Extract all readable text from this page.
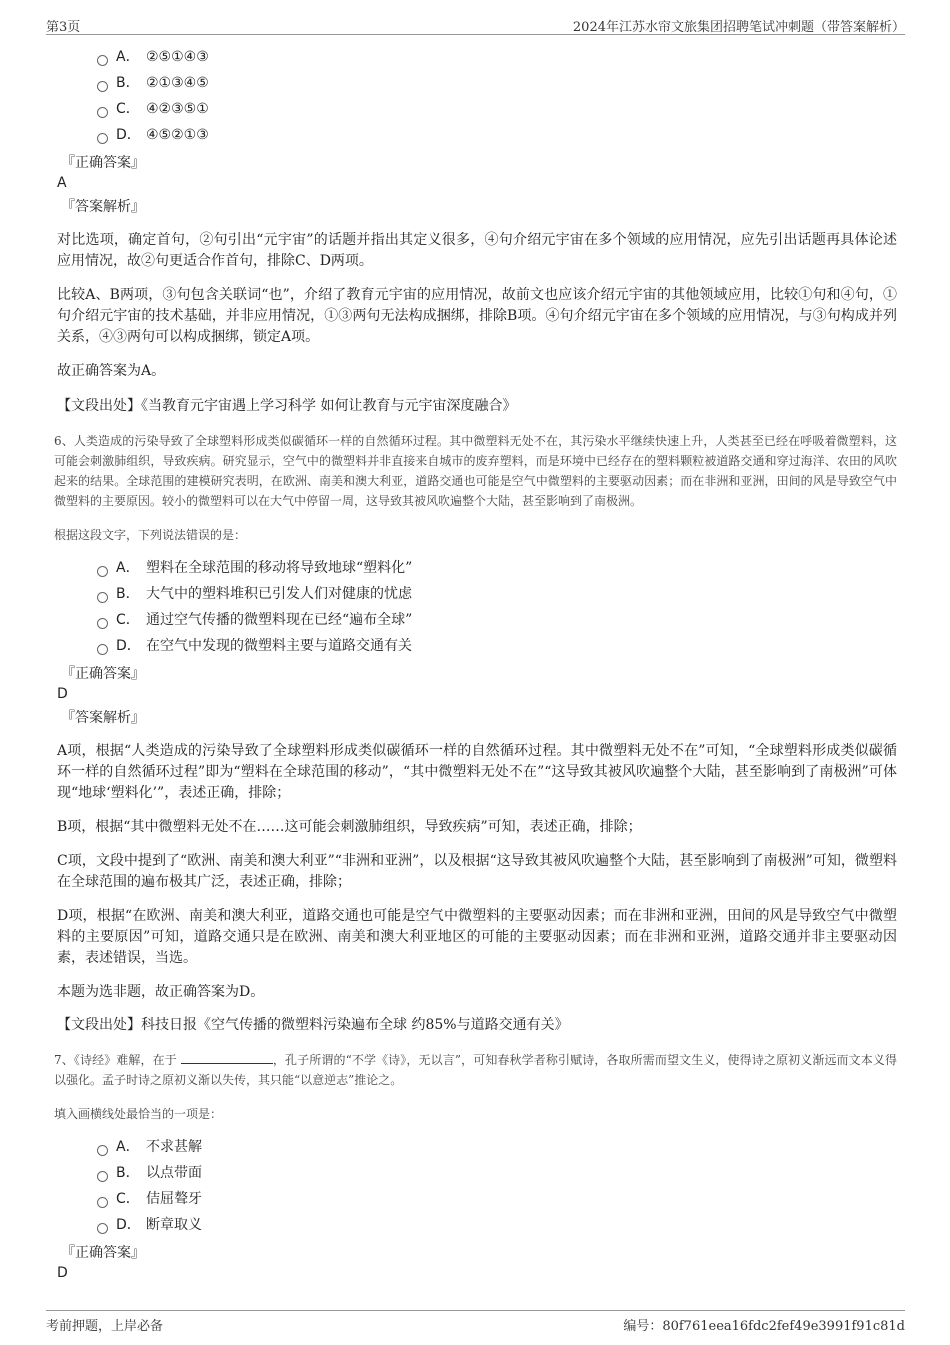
第3页	2024年江苏水帘文旅集团招聘笔试冲刺题（带答案解析）
A． ②⑤①④③
B． ②①③④⑤
C． ④②③⑤①
D． ④⑤②①③
『正确答案』
A
『答案解析』

对比选项，确定首句，②句引出“元宇宙”的话题并指出其定义很多，④句介绍元宇宙在多个领域的应用情况，应先引出话题再具体论述应用情况，故②句更适合作首句，排除C、D两项。

比较A、B两项，③句包含关联词“也”，介绍了教育元宇宙的应用情况，故前文也应该介绍元宇宙的其他领域应用，比较①句和④句，①句介绍元宇宙的技术基础，并非应用情况，①③两句无法构成捆绑，排除B项。④句介绍元宇宙在多个领域的应用情况，与③句构成并列关系，④③两句可以构成捆绑，锁定A项。

故正确答案为A。

【文段出处】《当教育元宇宙遇上学习科学 如何让教育与元宇宙深度融合》

6、人类造成的污染导致了全球塑料形成类似碳循环一样的自然循环过程。其中微塑料无处不在，其污染水平继续快速上升，人类甚至已经在呼吸着微塑料，这可能会刺激肺组织，导致疾病。研究显示，空气中的微塑料并非直接来自城市的废弃塑料，而是环境中已经存在的塑料颗粒被道路交通和穿过海洋、农田的风吹起来的结果。全球范围的建模研究表明，在欧洲、南美和澳大利亚，道路交通也可能是空气中微塑料的主要驱动因素；而在非洲和亚洲，田间的风是导致空气中微塑料的主要原因。较小的微塑料可以在大气中停留一周，这导致其被风吹遍整个大陆，甚至影响到了南极洲。

根据这段文字，下列说法错误的是：

A． 塑料在全球范围的移动将导致地球“塑料化”
B． 大气中的塑料堆积已引发人们对健康的忧虑
C． 通过空气传播的微塑料现在已经“遍布全球”
D． 在空气中发现的微塑料主要与道路交通有关
『正确答案』
D
『答案解析』

A项，根据“人类造成的污染导致了全球塑料形成类似碳循环一样的自然循环过程。其中微塑料无处不在”可知，“全球塑料形成类似碳循环一样的自然循环过程”即为“塑料在全球范围的移动”，“其中微塑料无处不在”“这导致其被风吹遍整个大陆，甚至影响到了南极洲”可体现“地球‘塑料化’”，表述正确，排除；

B项，根据“其中微塑料无处不在……这可能会刺激肺组织，导致疾病”可知，表述正确，排除；

C项，文段中提到了“欧洲、南美和澳大利亚”“非洲和亚洲”，以及根据“这导致其被风吹遍整个大陆，甚至影响到了南极洲”可知，微塑料在全球范围的遍布极其广泛，表述正确，排除；

D项，根据“在欧洲、南美和澳大利亚，道路交通也可能是空气中微塑料的主要驱动因素；而在非洲和亚洲，田间的风是导致空气中微塑料的主要原因”可知，道路交通只是在欧洲、南美和澳大利亚地区的可能的主要驱动因素；而在非洲和亚洲，道路交通并非主要驱动因素，表述错误，当选。

本题为选非题，故正确答案为D。

【文段出处】科技日报《空气传播的微塑料污染遍布全球 约85%与道路交通有关》

7、《诗经》难解，在于	，孔子所谓的“不学《诗》，无以言”，可知春秋学者称引赋诗，各取所需而望文生义，使得诗之原初义渐远而文本义得以强化。孟子时诗之原初义渐以失传，其只能“以意逆志”推论之。

填入画横线处最恰当的一项是：

A． 不求甚解
B． 以点带面
C． 佶屈聱牙
D． 断章取义
『正确答案』
D
考前押题，上岸必备	编号：80f761eea16fdc2fef49e3991f91c81d
